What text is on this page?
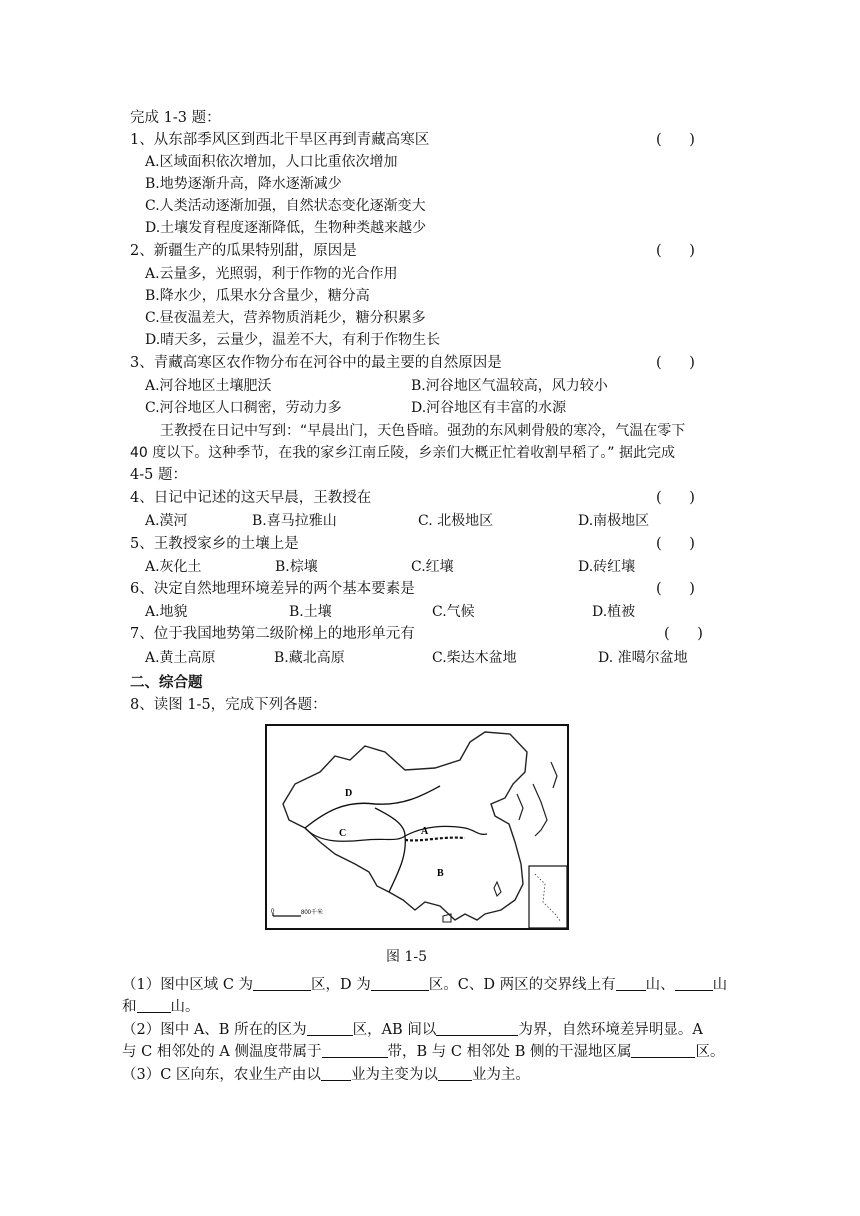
完成 1-3 题：
1、从东部季风区到西北干旱区再到青藏高寒区	(      )
A.区域面积依次增加，人口比重依次增加
B.地势逐渐升高，降水逐渐减少
C.人类活动逐渐加强，自然状态变化逐渐变大
D.土壤发育程度逐渐降低，生物种类越来越少
2、新疆生产的瓜果特别甜，原因是	(      )
A.云量多，光照弱，利于作物的光合作用
B.降水少，瓜果水分含量少，糖分高
C.昼夜温差大，营养物质消耗少，糖分积累多
D.晴天多，云量少，温差不大，有利于作物生长
3、青藏高寒区农作物分布在河谷中的最主要的自然原因是	(      )
A.河谷地区土壤肥沃	B.河谷地区气温较高，风力较小
C.河谷地区人口稠密，劳动力多	D.河谷地区有丰富的水源
王教授在日记中写到：“早晨出门，天色昏暗。强劲的东风刺骨般的寒冷，气温在零下
40 度以下。这种季节，在我的家乡江南丘陵，乡亲们大概正忙着收割早稻了。” 据此完成
4-5 题：
4、日记中记述的这天早晨，王教授在	(      )
A.漠河	B.喜马拉雅山	C. 北极地区	D.南极地区
5、王教授家乡的土壤上是	(      )
A.灰化土	B.棕壤	C.红壤	D.砖红壤
6、决定自然地理环境差异的两个基本要素是	(      )
A.地貌	B.土壤	C.气候	D.植被
7、位于我国地势第二级阶梯上的地形单元有	(      )
A.黄土高原	B.藏北高原	C.柴达木盆地	D. 准噶尔盆地
二、综合题
8、读图 1-5，完成下列各题：
D
C	A
B
0	800千米
图 1-5
（1）图中区域 C 为	区，D 为	区。C、D 两区的交界线上有 山、	山
和 山。
（2）图中 A、B 所在的区为	区，AB 间以	为界，自然环境差异明显。A
与 C 相邻处的 A 侧温度带属于	带，B 与 C 相邻处 B 侧的干湿地区属	区。
（3）C 区向东，农业生产由以 业为主变为以 业为主。
